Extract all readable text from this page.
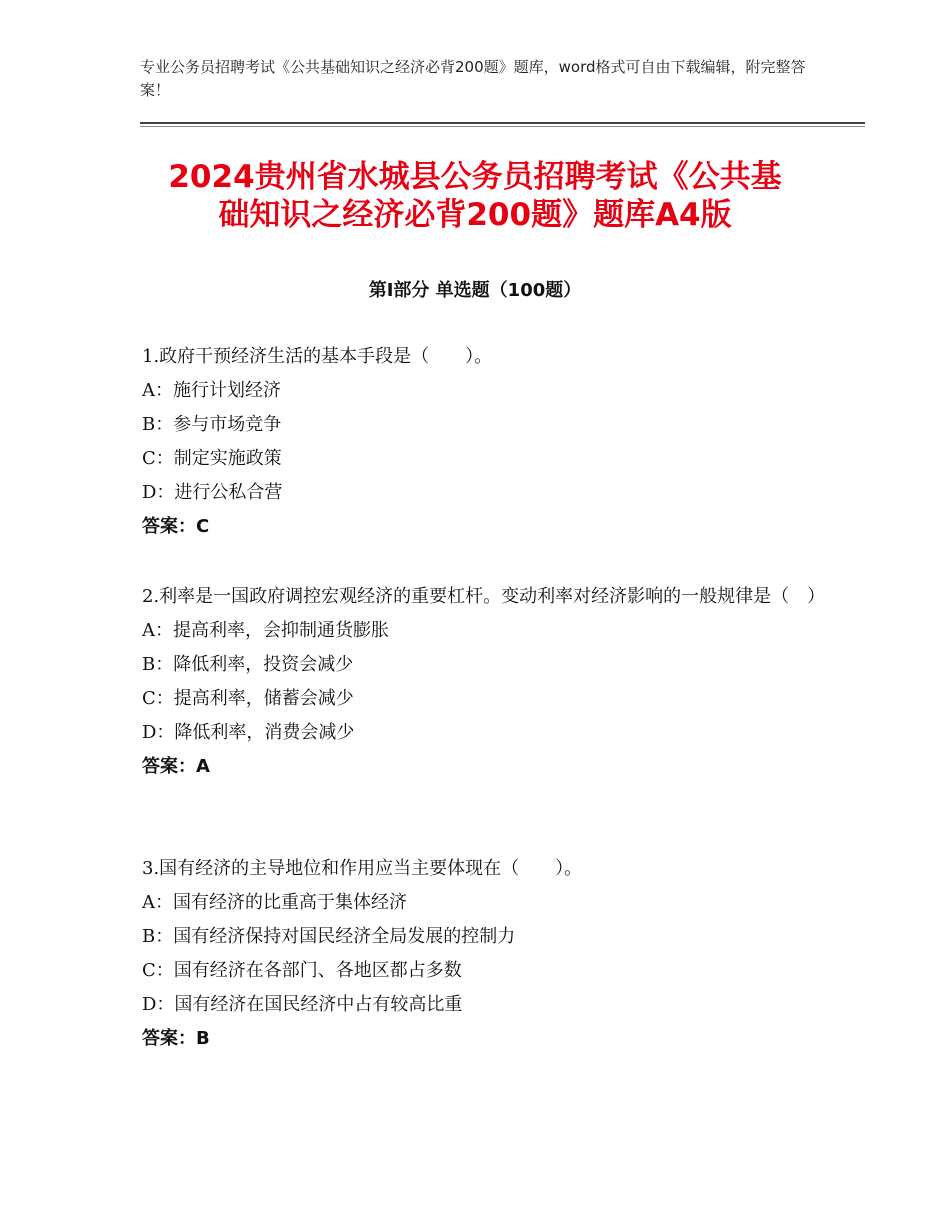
专业公务员招聘考试《公共基础知识之经济必背200题》题库，word格式可自由下载编辑，附完整答案！
2024贵州省水城县公务员招聘考试《公共基
础知识之经济必背200题》题库A4版
第Ⅰ部分 单选题（100题）

1.政府干预经济生活的基本手段是（　　）。

A：施行计划经济

B：参与市场竞争

C：制定实施政策

D：进行公私合营

答案：C

2.利率是一国政府调控宏观经济的重要杠杆。变动利率对经济影响的一般规律是（　）

A：提高利率，会抑制通货膨胀

B：降低利率，投资会减少

C：提高利率，储蓄会减少

D：降低利率，消费会减少

答案：A

3.国有经济的主导地位和作用应当主要体现在（　　）。

A：国有经济的比重高于集体经济

B：国有经济保持对国民经济全局发展的控制力

C：国有经济在各部门、各地区都占多数

D：国有经济在国民经济中占有较高比重

答案：B
